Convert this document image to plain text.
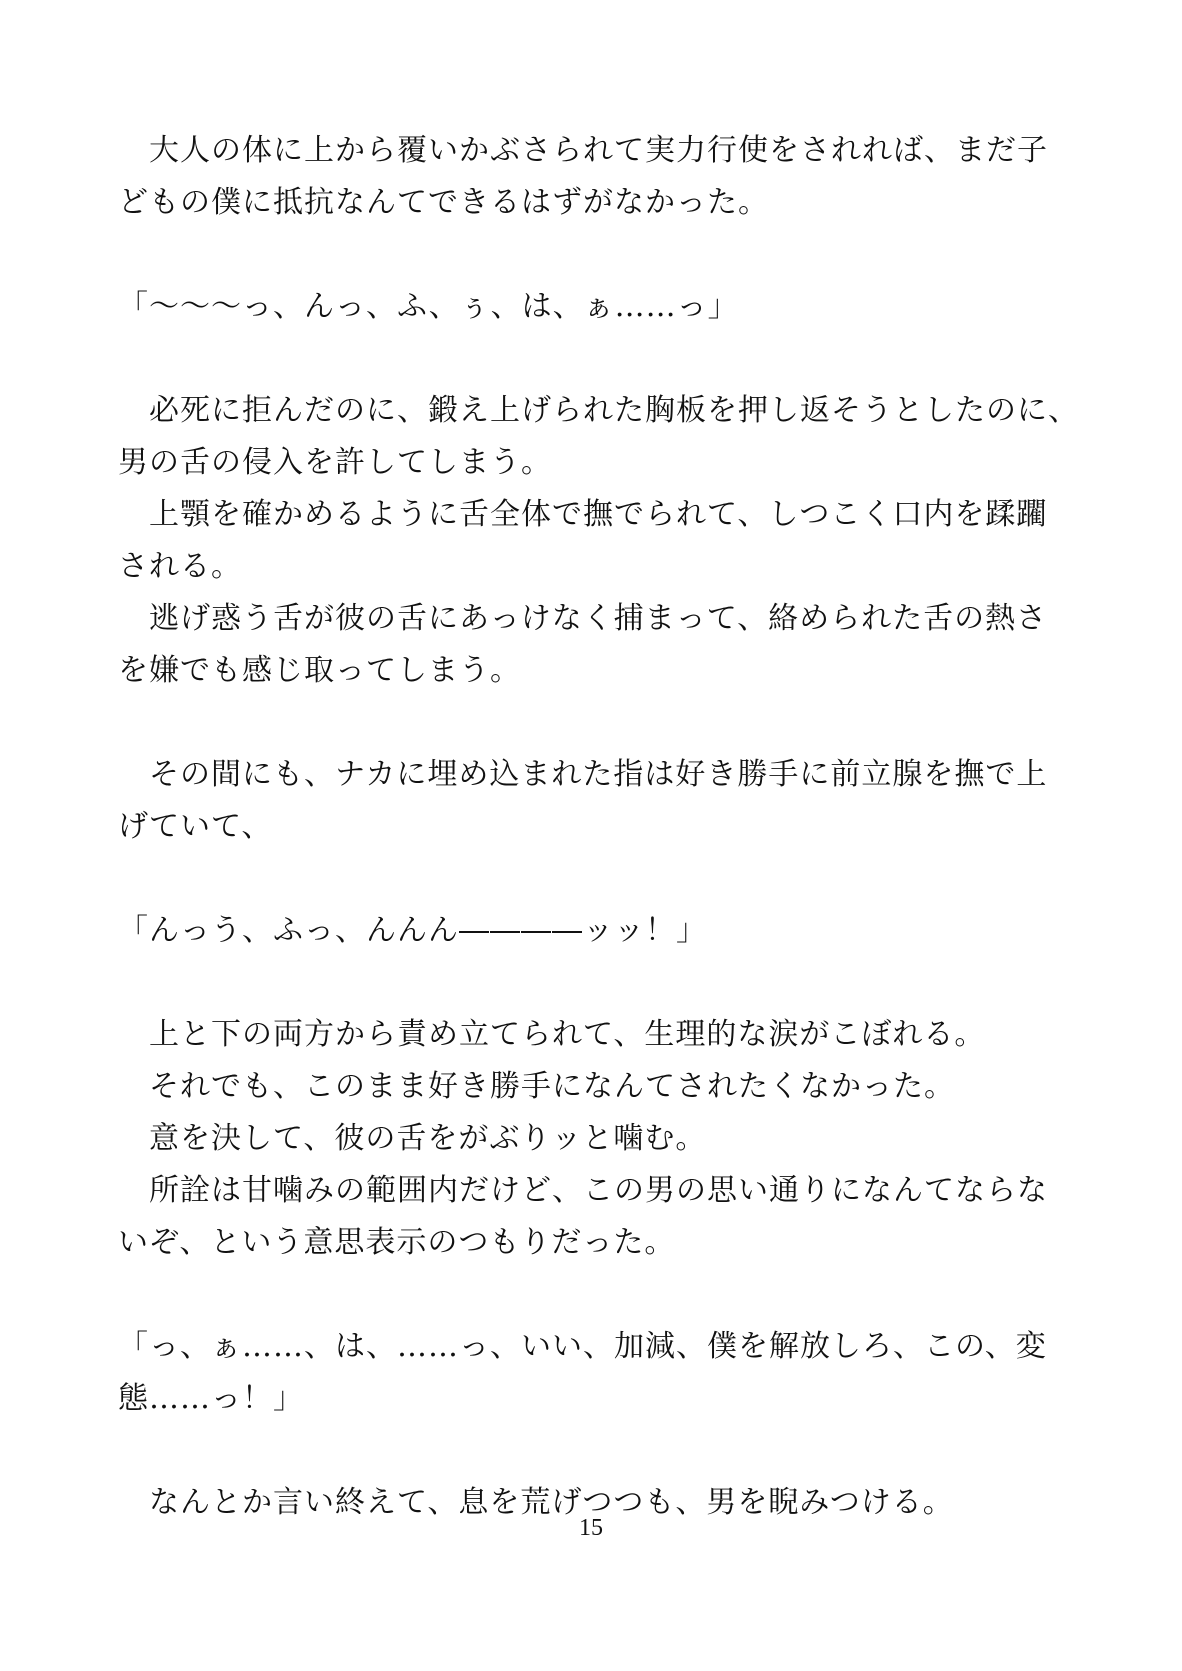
　大人の体に上から覆いかぶさられて実力行使をされれば、まだ子
どもの僕に抵抗なんてできるはずがなかった。
「〜〜〜っ、んっ、ふ、ぅ、は、ぁ……っ」
　必死に拒んだのに、鍛え上げられた胸板を押し返そうとしたのに、
男の舌の侵入を許してしまう。
　上顎を確かめるように舌全体で撫でられて、しつこく口内を蹂躙
される。
　逃げ惑う舌が彼の舌にあっけなく捕まって、絡められた舌の熱さ
を嫌でも感じ取ってしまう。
　その間にも、ナカに埋め込まれた指は好き勝手に前立腺を撫で上
げていて、
「んっう、ふっ、んんん――――ッッ！」
　上と下の両方から責め立てられて、生理的な涙がこぼれる。
　それでも、このまま好き勝手になんてされたくなかった。
　意を決して、彼の舌をがぶりッと噛む。
　所詮は甘噛みの範囲内だけど、この男の思い通りになんてならな
いぞ、という意思表示のつもりだった。
「っ、ぁ……、は、……っ、いい、加減、僕を解放しろ、この、変
態……っ！」
　なんとか言い終えて、息を荒げつつも、男を睨みつける。
15
